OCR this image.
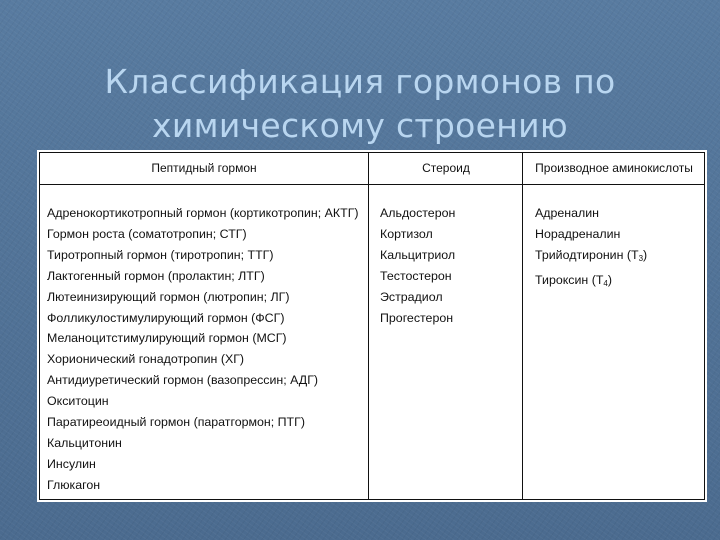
Классификация гормонов по
химическому строению
Пептидный гормон	Стероид	Производное аминокислоты
Адренокортикотропный гормон (кортикотропин; АКТГ)
Гормон роста (соматотропин; СТГ)
Тиротропный гормон (тиротропин; ТТГ)
Лактогенный гормон (пролактин; ЛТГ)
Лютеинизирующий гормон (лютропин; ЛГ)
Фолликулостимулирующий гормон (ФСГ)
Меланоцитстимулирующий гормон (МСГ)
Хорионический гонадотропин (ХГ)
Антидиуретический гормон (вазопрессин; АДГ)
Окситоцин
Паратиреоидный гормон (паратгормон; ПТГ)
Кальцитонин
Инсулин
Глюкагон
Альдостерон
Кортизол
Кальцитриол
Тестостерон
Эстрадиол
Прогестерон
Адреналин
Норадреналин
Трийодтиронин $(T_3)$
Тироксин $(T_4)$
